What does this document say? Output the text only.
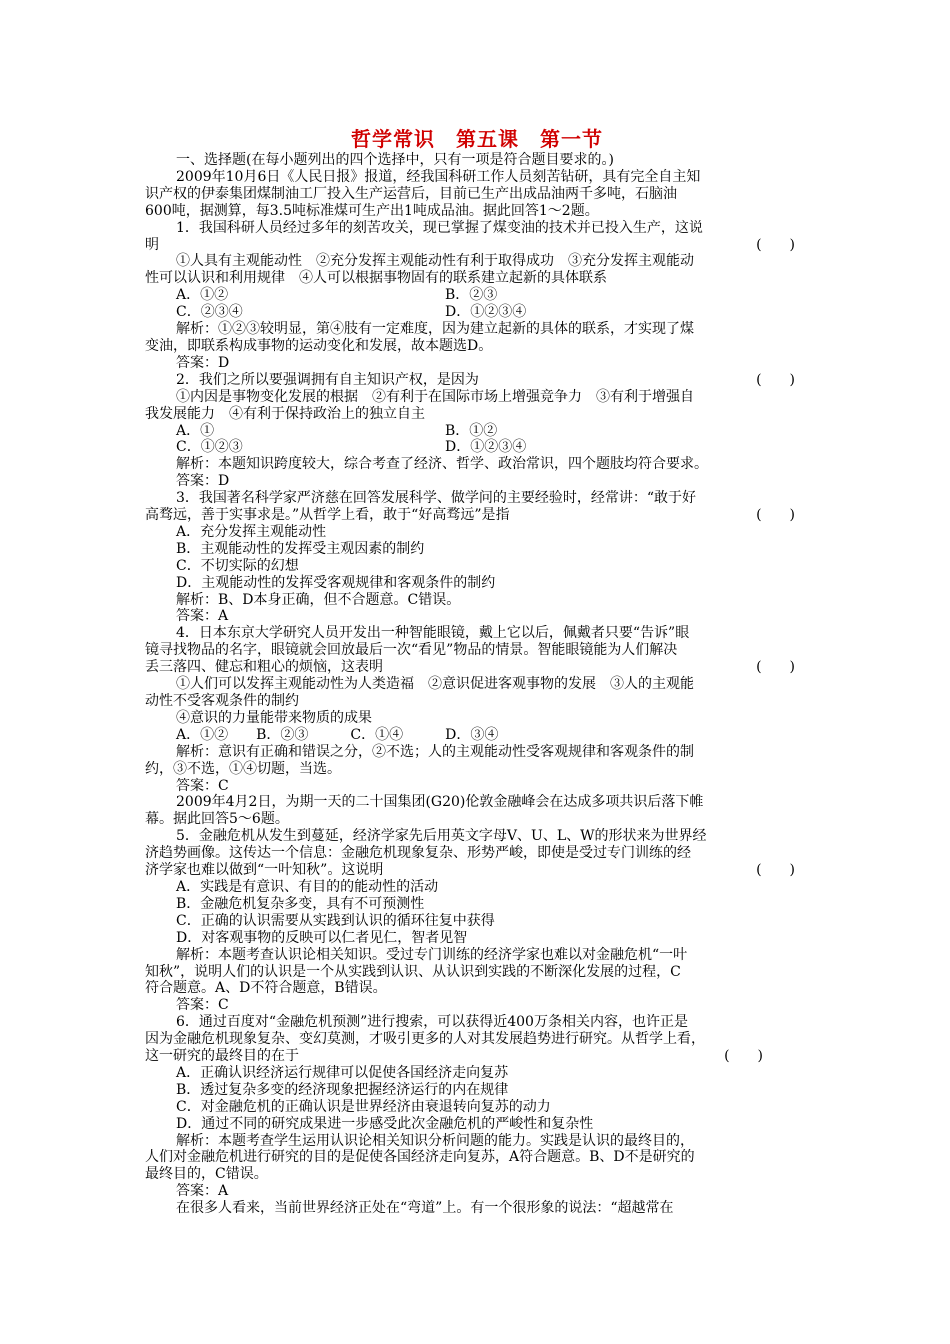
哲学常识　第五课　第一节
一、选择题(在每小题列出的四个选择中，只有一项是符合题目要求的。)
2009年10月6日《人民日报》报道，经我国科研工作人员刻苦钻研，具有完全自主知
识产权的伊泰集团煤制油工厂投入生产运营后，目前已生产出成品油两千多吨，石脑油
600吨，据测算，每3.5吨标准煤可生产出1吨成品油。据此回答1～2题。
1．我国科研人员经过多年的刻苦攻关，现已掌握了煤变油的技术并已投入生产，这说
明	(　　)
①人具有主观能动性　②充分发挥主观能动性有利于取得成功　③充分发挥主观能动
性可以认识和利用规律　④人可以根据事物固有的联系建立起新的具体联系
A．①②	B．②③
C．②③④	D．①②③④
解析：①②③较明显，第④肢有一定难度，因为建立起新的具体的联系，才实现了煤
变油，即联系构成事物的运动变化和发展，故本题选D。
答案：D
2．我们之所以要强调拥有自主知识产权，是因为	(　　)
①内因是事物变化发展的根据　②有利于在国际市场上增强竞争力　③有利于增强自
我发展能力　④有利于保持政治上的独立自主
A．①	B．①②
C．①②③	D．①②③④
解析：本题知识跨度较大，综合考查了经济、哲学、政治常识，四个题肢均符合要求。
答案：D
3．我国著名科学家严济慈在回答发展科学、做学问的主要经验时，经常讲：“敢于好
高骛远，善于实事求是。”从哲学上看，敢于“好高骛远”是指	(　　)
A．充分发挥主观能动性
B．主观能动性的发挥受主观因素的制约
C．不切实际的幻想
D．主观能动性的发挥受客观规律和客观条件的制约
解析：B、D本身正确，但不合题意。C错误。
答案：A
4．日本东京大学研究人员开发出一种智能眼镜，戴上它以后，佩戴者只要“告诉”眼
镜寻找物品的名字，眼镜就会回放最后一次“看见”物品的情景。智能眼镜能为人们解决
丢三落四、健忘和粗心的烦恼，这表明	(　　)
①人们可以发挥主观能动性为人类造福　②意识促进客观事物的发展　③人的主观能
动性不受客观条件的制约
④意识的力量能带来物质的成果
A．①②　　B．②③　　　C．①④　　　D．③④
解析：意识有正确和错误之分，②不选；人的主观能动性受客观规律和客观条件的制
约，③不选，①④切题，当选。
答案：C
2009年4月2日，为期一天的二十国集团(G20)伦敦金融峰会在达成多项共识后落下帷
幕。据此回答5～6题。
5．金融危机从发生到蔓延，经济学家先后用英文字母V、U、L、W的形状来为世界经
济趋势画像。这传达一个信息：金融危机现象复杂、形势严峻，即使是受过专门训练的经
济学家也难以做到“一叶知秋”。这说明	(　　)
A．实践是有意识、有目的的能动性的活动
B．金融危机复杂多变，具有不可预测性
C．正确的认识需要从实践到认识的循环往复中获得
D．对客观事物的反映可以仁者见仁，智者见智
解析：本题考查认识论相关知识。受过专门训练的经济学家也难以对金融危机“一叶
知秋”，说明人们的认识是一个从实践到认识、从认识到实践的不断深化发展的过程，C
符合题意。A、D不符合题意，B错误。
答案：C
6．通过百度对“金融危机预测”进行搜索，可以获得近400万条相关内容，也许正是
因为金融危机现象复杂、变幻莫测，才吸引更多的人对其发展趋势进行研究。从哲学上看，
这一研究的最终目的在于	(　　)
A．正确认识经济运行规律可以促使各国经济走向复苏
B．透过复杂多变的经济现象把握经济运行的内在规律
C．对金融危机的正确认识是世界经济由衰退转向复苏的动力
D．通过不同的研究成果进一步感受此次金融危机的严峻性和复杂性
解析：本题考查学生运用认识论相关知识分析问题的能力。实践是认识的最终目的，
人们对金融危机进行研究的目的是促使各国经济走向复苏，A符合题意。B、D不是研究的
最终目的，C错误。
答案：A
在很多人看来，当前世界经济正处在“弯道”上。有一个很形象的说法：“超越常在
